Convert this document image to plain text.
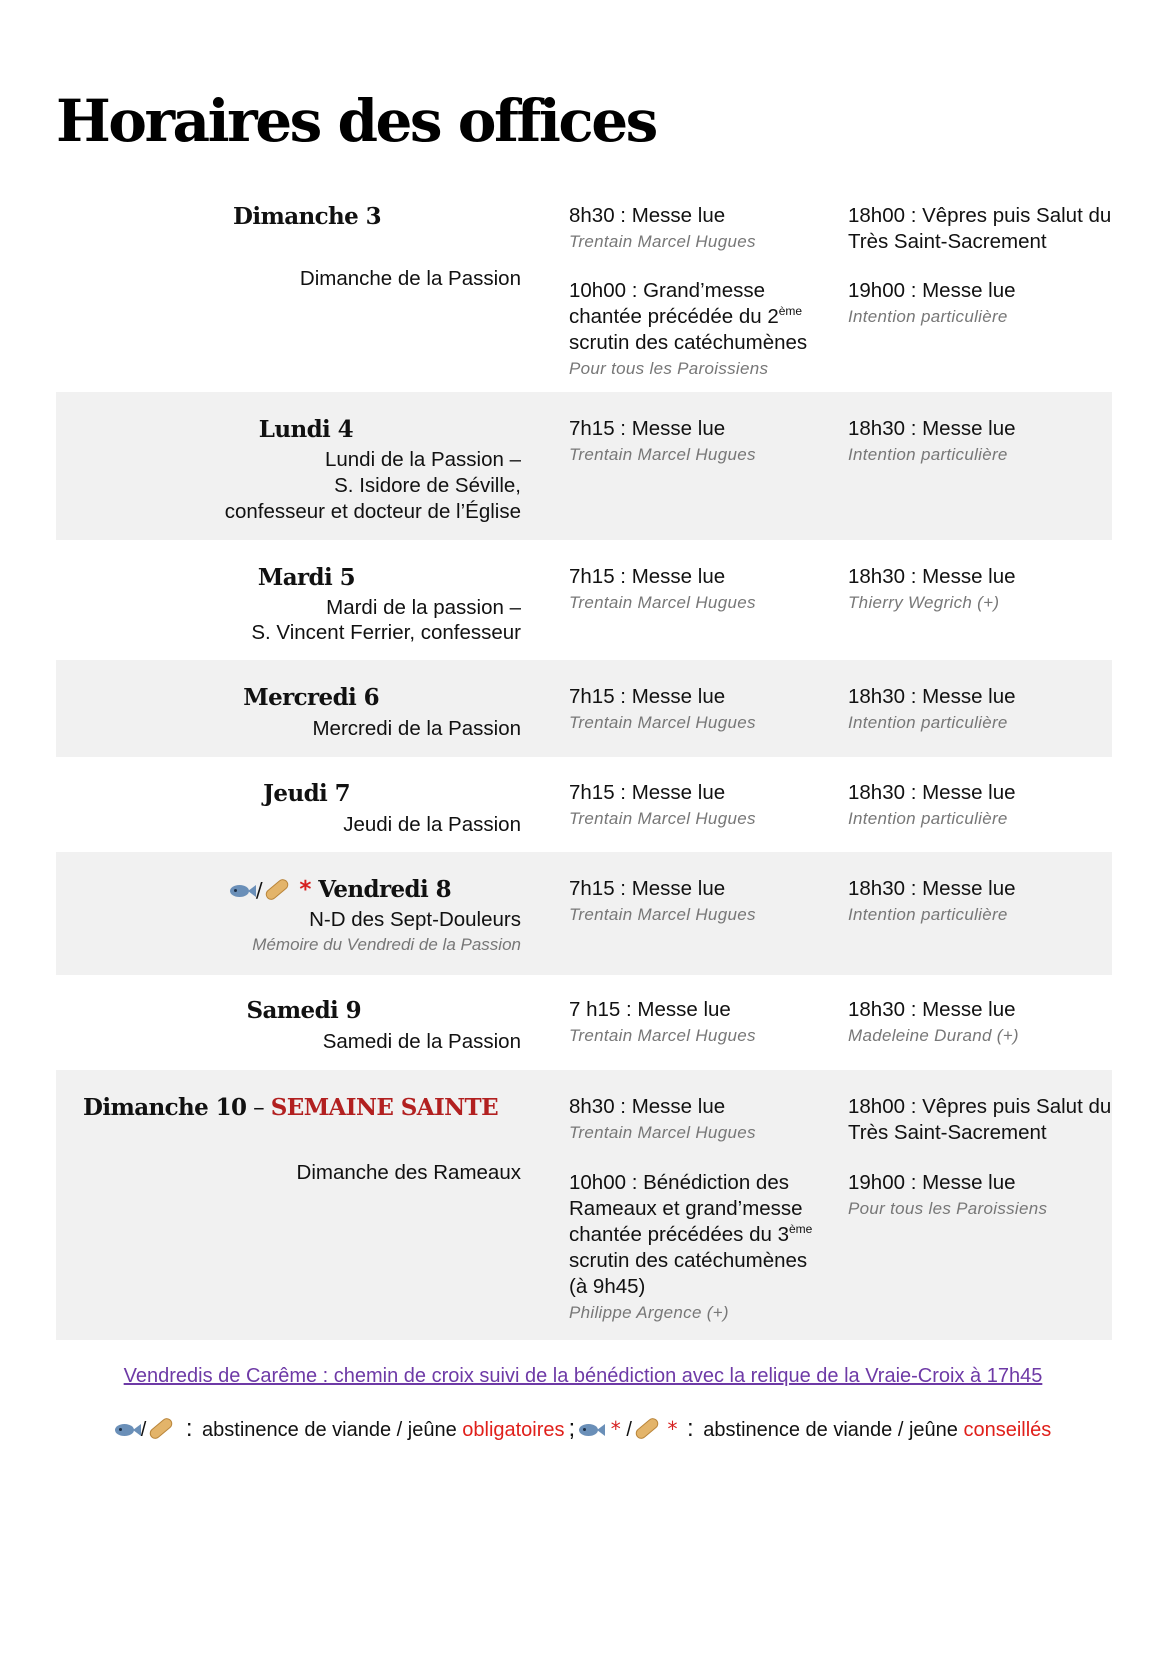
Horaires des offices
Dimanche 3
Dimanche de la Passion
8h30 : Messe lue
Trentain Marcel Hugues
10h00 : Grand’messe chantée précédée du 2ème scrutin des catéchumènes
Pour tous les Paroissiens
18h00 : Vêpres puis Salut du Très Saint-Sacrement
19h00 : Messe lue
Intention particulière
Lundi 4
Lundi de la Passion –
S. Isidore de Séville,
confesseur et docteur de l’Église
7h15 : Messe lue
Trentain Marcel Hugues
18h30 : Messe lue
Intention particulière
Mardi 5
Mardi de la passion –
S. Vincent Ferrier, confesseur
7h15 : Messe lue
Trentain Marcel Hugues
18h30 : Messe lue
Thierry Wegrich (+)
Mercredi 6
Mercredi de la Passion
7h15 : Messe lue
Trentain Marcel Hugues
18h30 : Messe lue
Intention particulière
Jeudi 7
Jeudi de la Passion
7h15 : Messe lue
Trentain Marcel Hugues
18h30 : Messe lue
Intention particulière
/ * Vendredi 8
N-D des Sept-Douleurs
Mémoire du Vendredi de la Passion
7h15 : Messe lue
Trentain Marcel Hugues
18h30 : Messe lue
Intention particulière
Samedi 9
Samedi de la Passion
7 h15 : Messe lue
Trentain Marcel Hugues
18h30 : Messe lue
Madeleine Durand (+)
Dimanche 10 – SEMAINE SAINTE
Dimanche des Rameaux
8h30 : Messe lue
Trentain Marcel Hugues
10h00 : Bénédiction des Rameaux et grand’messe chantée précédées du 3ème scrutin des catéchumènes (à 9h45)
Philippe Argence (+)
18h00 : Vêpres puis Salut du Très Saint-Sacrement
19h00 : Messe lue
Pour tous les Paroissiens
Vendredis de Carême : chemin de croix suivi de la bénédiction avec la relique de la Vraie-Croix à 17h45
/ : abstinence de viande / jeûne obligatoires ; * / * : abstinence de viande / jeûne conseillés
